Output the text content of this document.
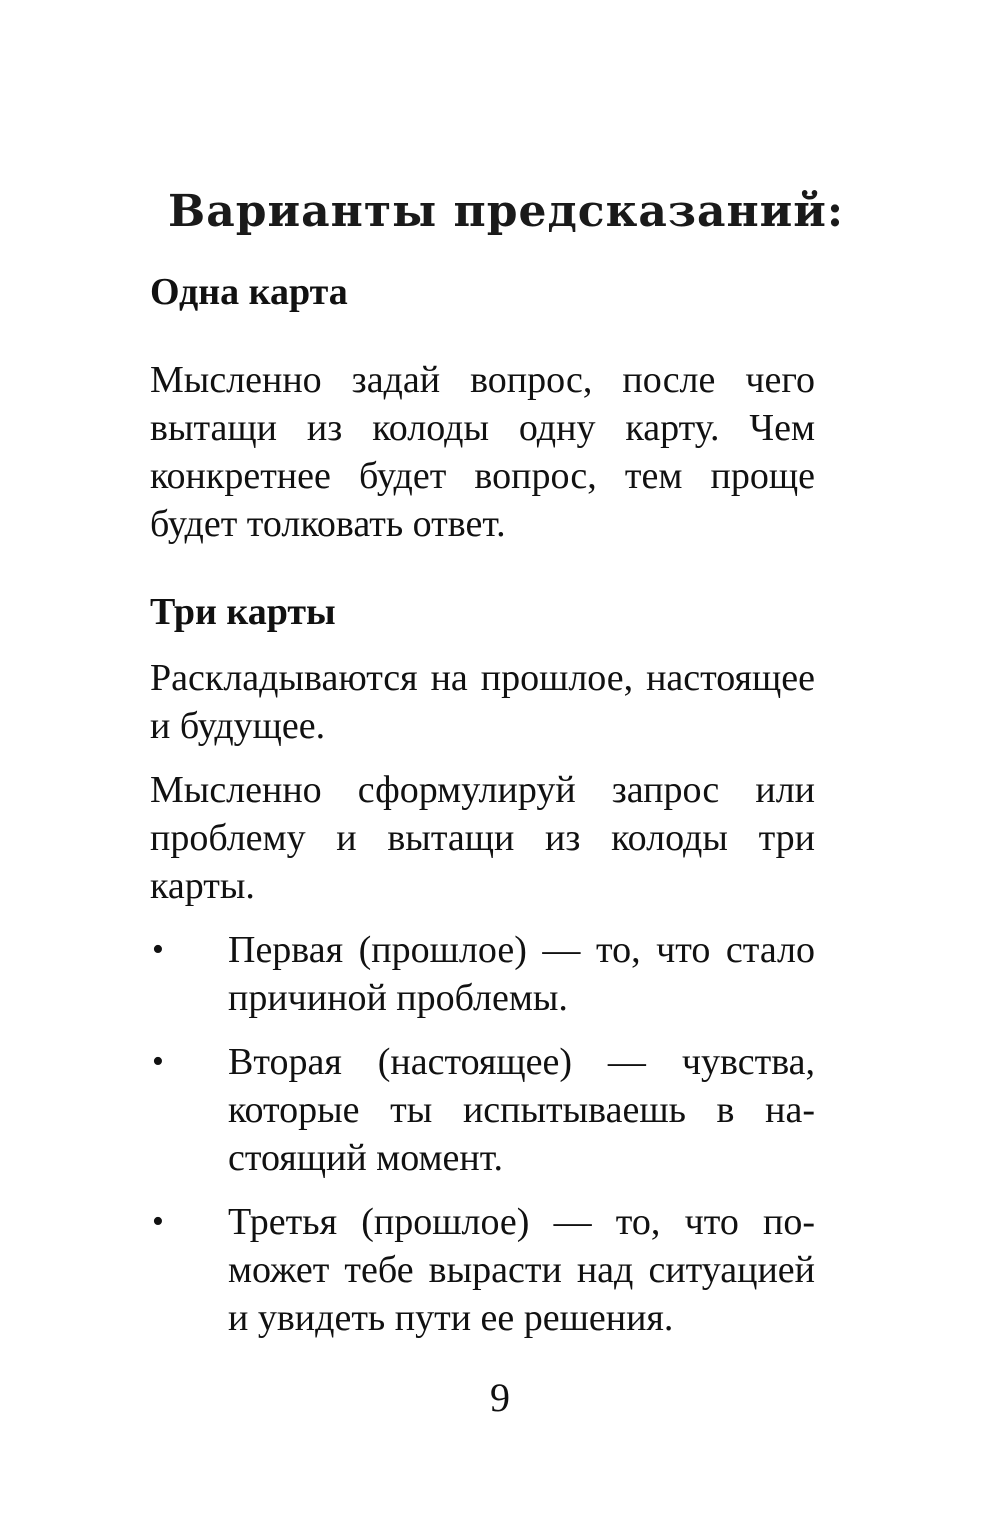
Варианты предсказаний:
Одна карта

Мысленно задай вопрос, после чего вытащи из колоды одну карту. Чем конкретнее будет вопрос, тем проще будет толковать ответ.

Три карты

Раскладываются на прошлое, настоящее и будущее.

Мысленно сформулируй запрос или проблему и вытащи из колоды три карты.

• Первая (прошлое) — то, что стало причиной проблемы.
• Вторая (настоящее) — чувства, которые ты испытываешь в настоящий момент.
• Третья (прошлое) — то, что поможет тебе вырасти над ситуацией и увидеть пути ее решения.
9
